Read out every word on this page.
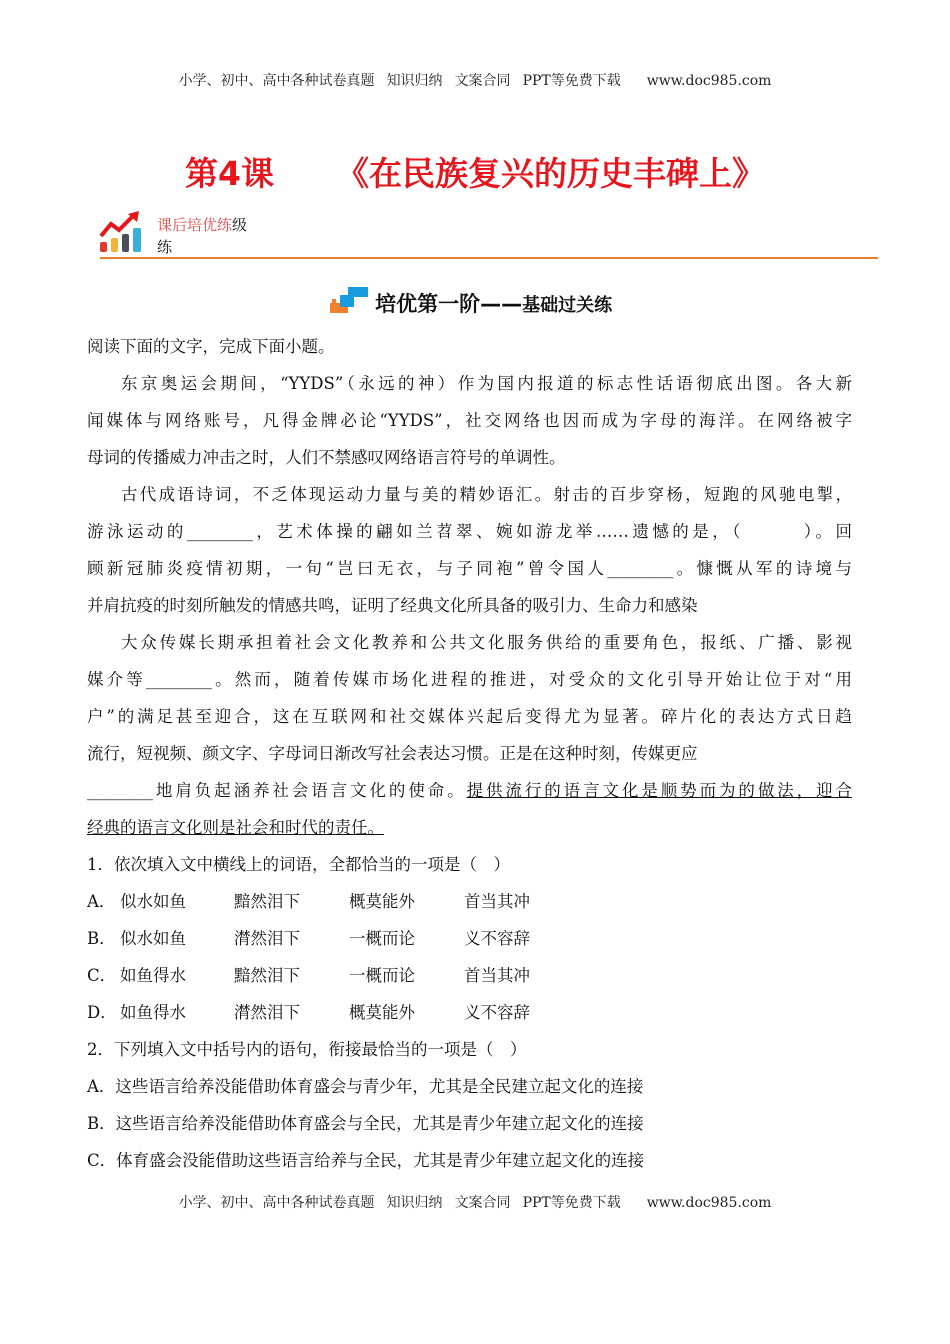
小学、初中、高中各种试卷真题 知识归纳 文案合同 PPT等免费下载 www.doc985.com
第4课 《在民族复兴的历史丰碑上》
课后培优练级
练
培优第一阶——基础过关练
阅读下面的文字，完成下面小题。
东京奥运会期间，“YYDS”（永远的神）作为国内报道的标志性话语彻底出图。各大新
闻媒体与网络账号，凡得金牌必论“YYDS”，社交网络也因而成为字母的海洋。在网络被字
母词的传播威力冲击之时，人们不禁感叹网络语言符号的单调性。
古代成语诗词，不乏体现运动力量与美的精妙语汇。射击的百步穿杨，短跑的风驰电掣，
游泳运动的________，艺术体操的翩如兰苕翠、婉如游龙举……遗憾的是，（　　　）。回
顾新冠肺炎疫情初期，一句“岂曰无衣，与子同袍”曾令国人________。慷慨从军的诗境与
并肩抗疫的时刻所触发的情感共鸣，证明了经典文化所具备的吸引力、生命力和感染
大众传媒长期承担着社会文化教养和公共文化服务供给的重要角色，报纸、广播、影视
媒介等________。然而，随着传媒市场化进程的推进，对受众的文化引导开始让位于对“用
户”的满足甚至迎合，这在互联网和社交媒体兴起后变得尤为显著。碎片化的表达方式日趋
流行，短视频、颜文字、字母词日渐改写社会表达习惯。正是在这种时刻，传媒更应
________地肩负起涵养社会语言文化的使命。提供流行的语言文化是顺势而为的做法，迎合
经典的语言文化则是社会和时代的责任。
1．依次填入文中横线上的词语，全都恰当的一项是（　）
A． 似水如鱼	黯然泪下	概莫能外	首当其冲
B． 似水如鱼	潸然泪下	一概而论	义不容辞
C． 如鱼得水	黯然泪下	一概而论	首当其冲
D． 如鱼得水	潸然泪下	概莫能外	义不容辞
2．下列填入文中括号内的语句，衔接最恰当的一项是（　）
A．这些语言给养没能借助体育盛会与青少年，尤其是全民建立起文化的连接
B．这些语言给养没能借助体育盛会与全民，尤其是青少年建立起文化的连接
C．体育盛会没能借助这些语言给养与全民，尤其是青少年建立起文化的连接
小学、初中、高中各种试卷真题 知识归纳 文案合同 PPT等免费下载 www.doc985.com
